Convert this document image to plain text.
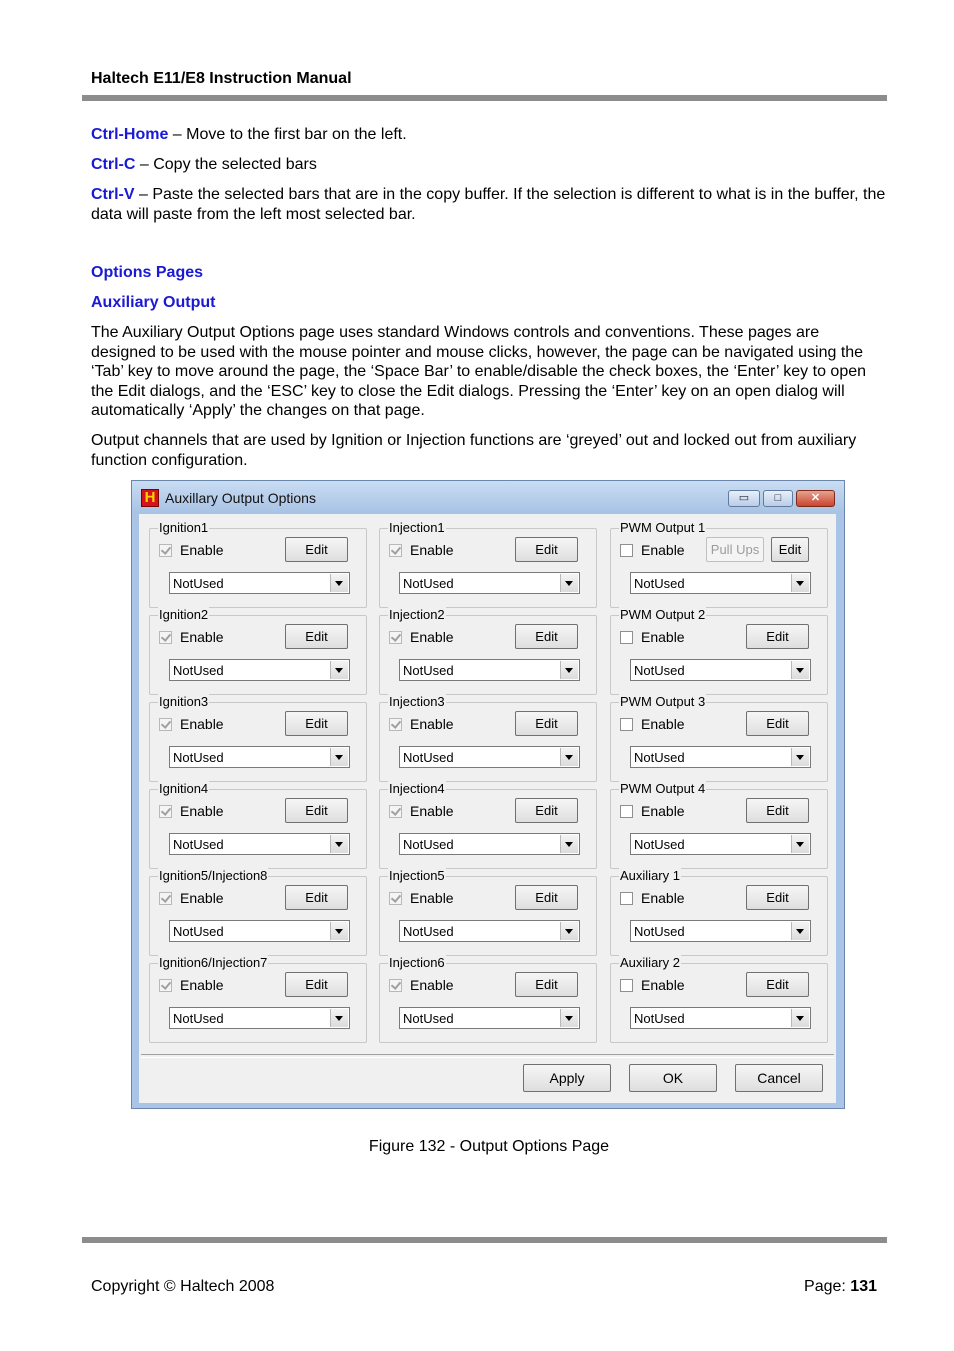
Haltech E11/E8 Instruction Manual
Ctrl-Home – Move to the first bar on the left.
Ctrl-C – Copy the selected bars
Ctrl-V – Paste the selected bars that are in the copy buffer. If the selection is different to what is in the buffer, the data will paste from the left most selected bar.
Options Pages
Auxiliary Output
The Auxiliary Output Options page uses standard Windows controls and conventions. These pages are designed to be used with the mouse pointer and mouse clicks, however, the page can be navigated using the ‘Tab’ key to move around the page, the ‘Space Bar’ to enable/disable the check boxes, the ‘Enter’ key to open the Edit dialogs, and the ‘ESC’ key to close the Edit dialogs. Pressing the ‘Enter’ key on an open dialog will automatically ‘Apply’ the changes on that page.
Output channels that are used by Ignition or Injection functions are ‘greyed’ out and locked out from auxiliary function configuration.
H Auxillary Output Options	▭	□	✕
Apply	OK	Cancel
Ignition1
Enable	Edit
NotUsed
Ignition2
Enable	Edit
NotUsed
Ignition3
Enable	Edit
NotUsed
Ignition4
Enable	Edit
NotUsed
Ignition5/Injection8
Enable	Edit
NotUsed
Ignition6/Injection7
Enable	Edit
NotUsed
Injection1
Enable	Edit
NotUsed
Injection2
Enable	Edit
NotUsed
Injection3
Enable	Edit
NotUsed
Injection4
Enable	Edit
NotUsed
Injection5
Enable	Edit
NotUsed
Injection6
Enable	Edit
NotUsed
PWM Output 1
Enable	Pull Ups	Edit
NotUsed
PWM Output 2
Enable	Edit
NotUsed
PWM Output 3
Enable	Edit
NotUsed
PWM Output 4
Enable	Edit
NotUsed
Auxiliary 1
Enable	Edit
NotUsed
Auxiliary 2
Enable	Edit
NotUsed
Figure 132 - Output Options Page
Copyright © Haltech 2008	Page: 131
